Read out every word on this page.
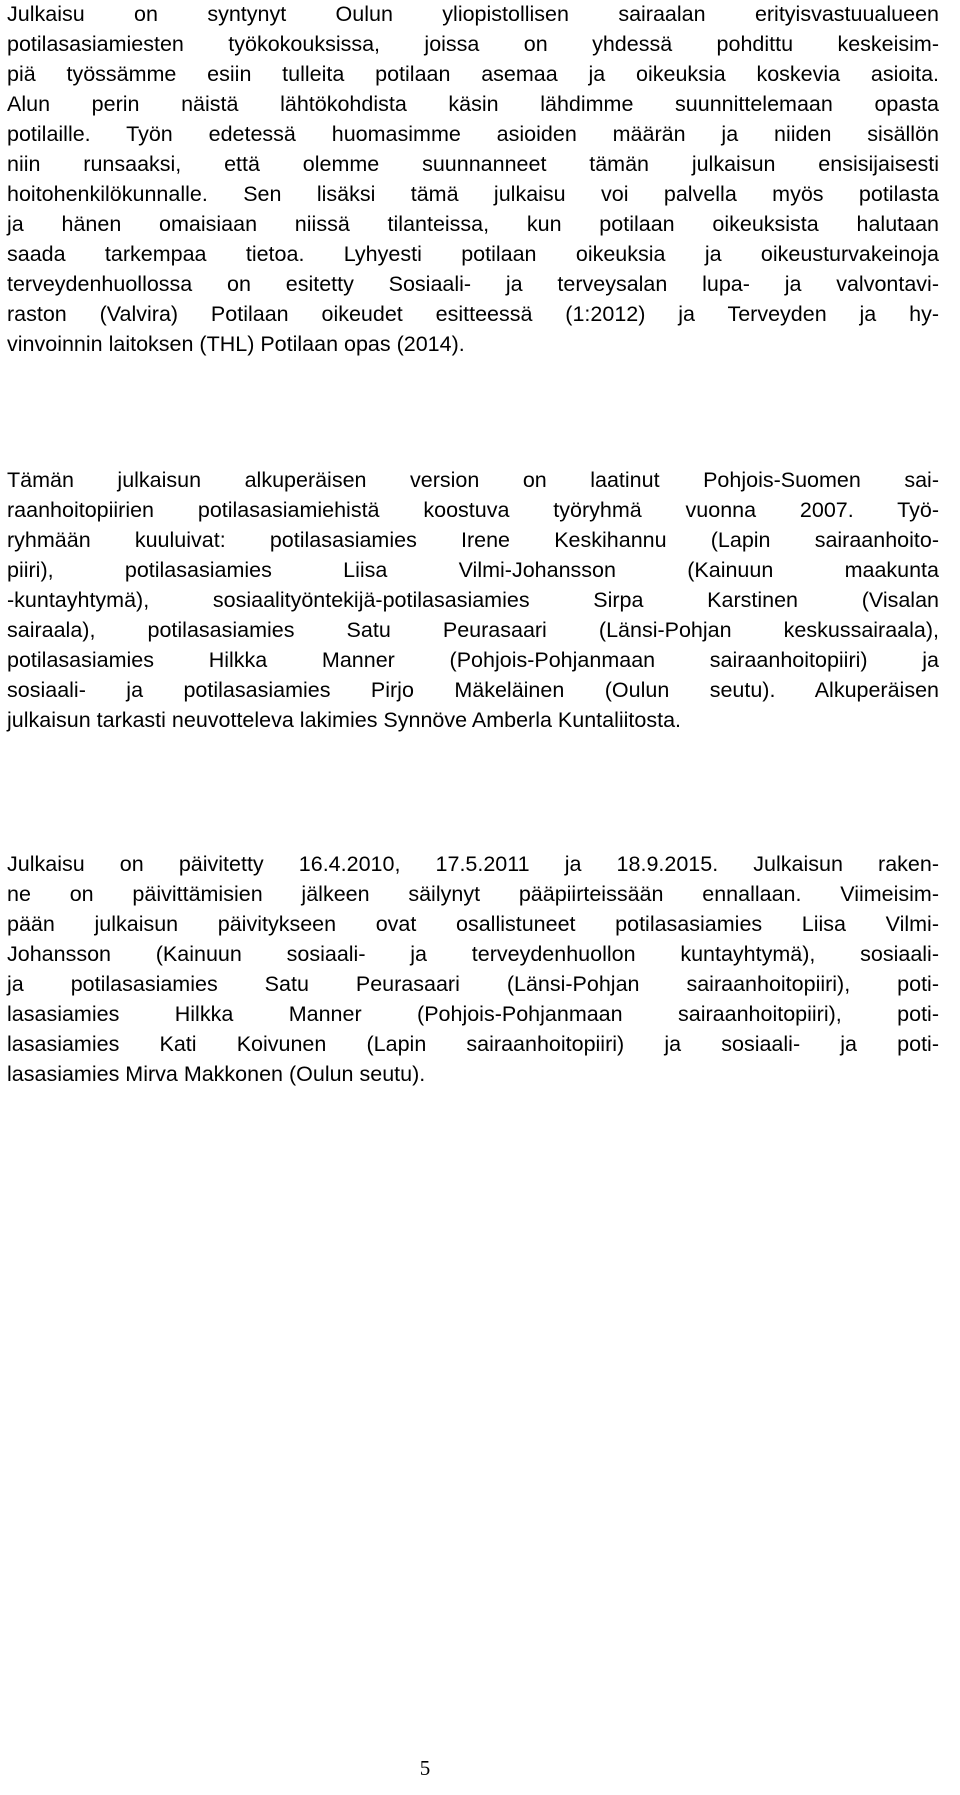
Julkaisu on syntynyt Oulun yliopistollisen sairaalan erityisvastuualueen
potilasasiamiesten työkokouksissa, joissa on yhdessä pohdittu keskeisim-
piä työssämme esiin tulleita potilaan asemaa ja oikeuksia koskevia asioita.
Alun perin näistä lähtökohdista käsin lähdimme suunnittelemaan opasta
potilaille. Työn edetessä huomasimme asioiden määrän ja niiden sisällön
niin runsaaksi, että olemme suunnanneet tämän julkaisun ensisijaisesti
hoitohenkilökunnalle. Sen lisäksi tämä julkaisu voi palvella myös potilasta
ja hänen omaisiaan niissä tilanteissa, kun potilaan oikeuksista halutaan
saada tarkempaa tietoa. Lyhyesti potilaan oikeuksia ja oikeusturvakeinoja
terveydenhuollossa on esitetty Sosiaali- ja terveysalan lupa- ja valvontavi-
raston (Valvira) Potilaan oikeudet esitteessä (1:2012) ja Terveyden ja hy-
vinvoinnin laitoksen (THL) Potilaan opas (2014).
Tämän julkaisun alkuperäisen version on laatinut Pohjois-Suomen sai-
raanhoitopiirien potilasasiamiehistä koostuva työryhmä vuonna 2007. Työ-
ryhmään kuuluivat: potilasasiamies Irene Keskihannu (Lapin sairaanhoito-
piiri), potilasasiamies Liisa Vilmi-Johansson (Kainuun maakunta
-kuntayhtymä), sosiaalityöntekijä-potilasasiamies Sirpa Karstinen (Visalan
sairaala), potilasasiamies Satu Peurasaari (Länsi-Pohjan keskussairaala),
potilasasiamies Hilkka Manner (Pohjois-Pohjanmaan sairaanhoitopiiri) ja
sosiaali- ja potilasasiamies Pirjo Mäkeläinen (Oulun seutu). Alkuperäisen
julkaisun tarkasti neuvotteleva lakimies Synnöve Amberla Kuntaliitosta.
Julkaisu on päivitetty 16.4.2010, 17.5.2011 ja 18.9.2015. Julkaisun raken-
ne on päivittämisien jälkeen säilynyt pääpiirteissään ennallaan. Viimeisim-
pään julkaisun päivitykseen ovat osallistuneet potilasasiamies Liisa Vilmi-
Johansson (Kainuun sosiaali- ja terveydenhuollon kuntayhtymä), sosiaali-
ja potilasasiamies Satu Peurasaari (Länsi-Pohjan sairaanhoitopiiri), poti-
lasasiamies Hilkka Manner (Pohjois-Pohjanmaan sairaanhoitopiiri), poti-
lasasiamies Kati Koivunen (Lapin sairaanhoitopiiri) ja sosiaali- ja poti-
lasasiamies Mirva Makkonen (Oulun seutu).
5
